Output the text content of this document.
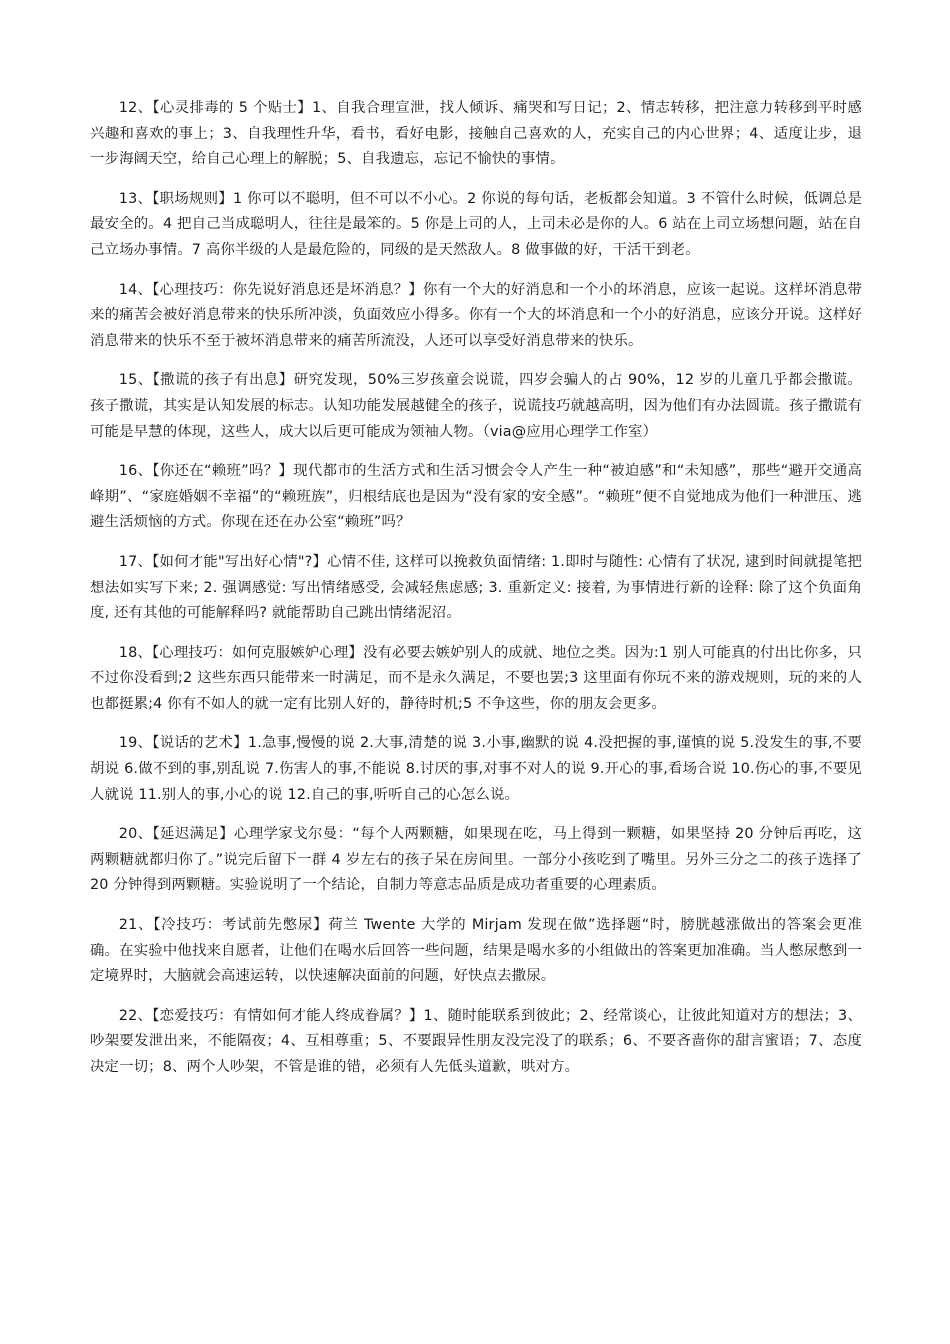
12、【心灵排毒的 5 个贴士】1、自我合理宣泄，找人倾诉、痛哭和写日记；2、情志转移，把注意力转移到平时感兴趣和喜欢的事上；3、自我理性升华，看书，看好电影，接触自己喜欢的人，充实自己的内心世界；4、适度让步，退一步海阔天空，给自己心理上的解脱；5、自我遗忘，忘记不愉快的事情。

13、【职场规则】1 你可以不聪明，但不可以不小心。2 你说的每句话，老板都会知道。3 不管什么时候，低调总是最安全的。4 把自己当成聪明人，往往是最笨的。5 你是上司的人，上司未必是你的人。6 站在上司立场想问题，站在自己立场办事情。7 高你半级的人是最危险的，同级的是天然敌人。8 做事做的好，干活干到老。

14、【心理技巧：你先说好消息还是坏消息？】你有一个大的好消息和一个小的坏消息，应该一起说。这样坏消息带来的痛苦会被好消息带来的快乐所冲淡，负面效应小得多。你有一个大的坏消息和一个小的好消息，应该分开说。这样好消息带来的快乐不至于被坏消息带来的痛苦所流没，人还可以享受好消息带来的快乐。

15、【撒谎的孩子有出息】研究发现，50%三岁孩童会说谎，四岁会骗人的占 90%，12 岁的儿童几乎都会撒谎。孩子撒谎，其实是认知发展的标志。认知功能发展越健全的孩子，说谎技巧就越高明，因为他们有办法圆谎。孩子撒谎有可能是早慧的体现，这些人，成大以后更可能成为领袖人物。（via@应用心理学工作室）

16、【你还在“赖班”吗？】现代都市的生活方式和生活习惯会令人产生一种“被迫感”和“未知感”，那些“避开交通高峰期”、“家庭婚姻不幸福”的“赖班族”，归根结底也是因为“没有家的安全感”。“赖班”便不自觉地成为他们一种泄压、逃避生活烦恼的方式。你现在还在办公室“赖班”吗？

17、【如何才能"写出好心情"?】心情不佳, 这样可以挽救负面情绪: 1.即时与随性: 心情有了状况, 逮到时间就提笔把想法如实写下来; 2. 强调感觉: 写出情绪感受, 会减轻焦虑感; 3. 重新定义: 接着, 为事情进行新的诠释: 除了这个负面角度, 还有其他的可能解释吗? 就能帮助自己跳出情绪泥沼。

18、【心理技巧：如何克服嫉妒心理】没有必要去嫉妒别人的成就、地位之类。因为:1 别人可能真的付出比你多，只不过你没看到;2 这些东西只能带来一时满足，而不是永久满足，不要也罢;3 这里面有你玩不来的游戏规则，玩的来的人也都挺累;4 你有不如人的就一定有比别人好的，静待时机;5 不争这些，你的朋友会更多。

19、【说话的艺术】1.急事,慢慢的说 2.大事,清楚的说 3.小事,幽默的说 4.没把握的事,谨慎的说 5.没发生的事,不要胡说 6.做不到的事,别乱说 7.伤害人的事,不能说 8.讨厌的事,对事不对人的说 9.开心的事,看场合说 10.伤心的事,不要见人就说 11.别人的事,小心的说 12.自己的事,听听自己的心怎么说。

20、【延迟满足】心理学家戈尔曼：“每个人两颗糖，如果现在吃，马上得到一颗糖，如果坚持 20 分钟后再吃，这两颗糖就都归你了。”说完后留下一群 4 岁左右的孩子呆在房间里。一部分小孩吃到了嘴里。另外三分之二的孩子选择了 20 分钟得到两颗糖。实验说明了一个结论，自制力等意志品质是成功者重要的心理素质。

21、【冷技巧：考试前先憋尿】荷兰 Twente 大学的 Mirjam 发现在做”选择题“时，膀胱越涨做出的答案会更准确。在实验中他找来自愿者，让他们在喝水后回答一些问题，结果是喝水多的小组做出的答案更加准确。当人憋尿憋到一定境界时，大脑就会高速运转，以快速解决面前的问题，好快点去撒尿。

22、【恋爱技巧：有情如何才能人终成眷属？】1、随时能联系到彼此；2、经常谈心，让彼此知道对方的想法；3、吵架要发泄出来，不能隔夜；4、互相尊重；5、不要跟异性朋友没完没了的联系；6、不要吝啬你的甜言蜜语；7、态度决定一切；8、两个人吵架，不管是谁的错，必须有人先低头道歉，哄对方。
